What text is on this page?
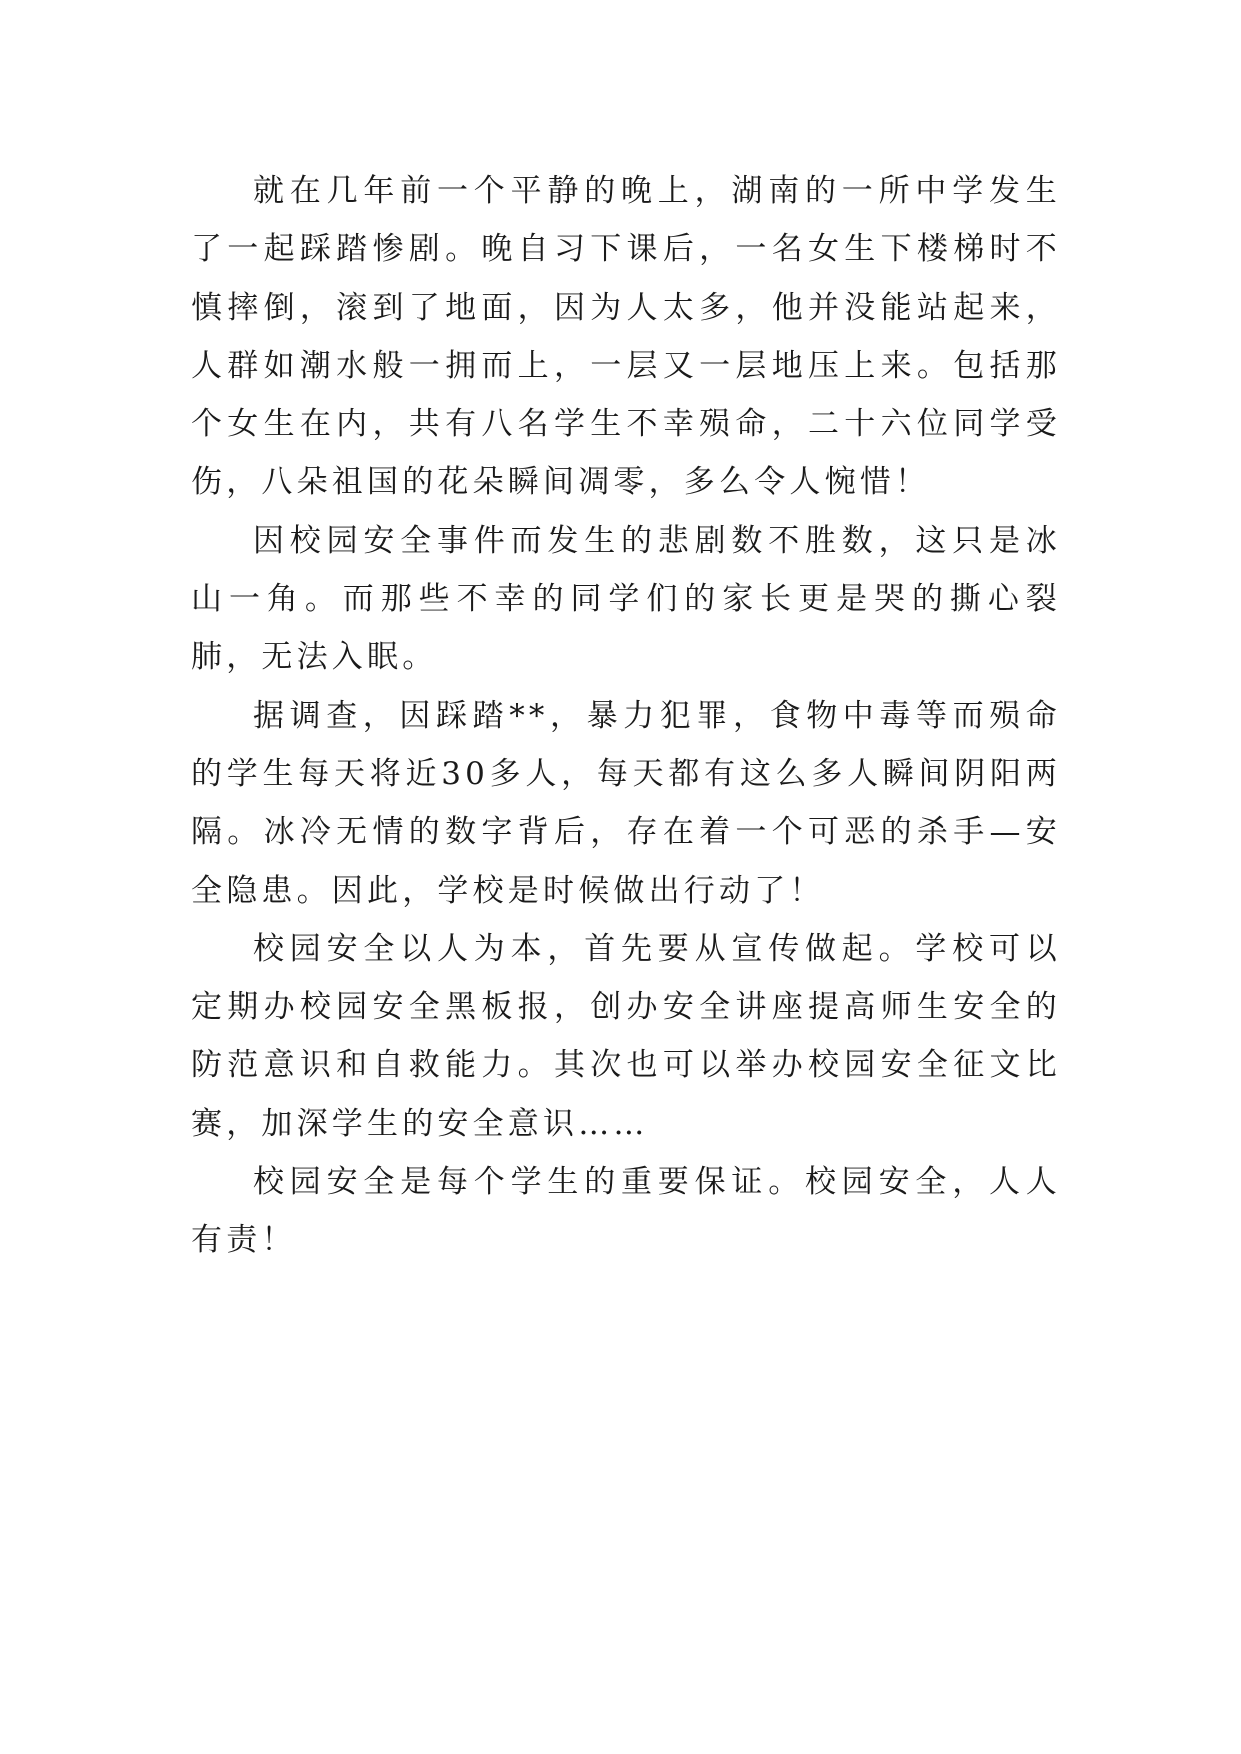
就在几年前一个平静的晚上，湖南的一所中学发生了一起踩踏惨剧。晚自习下课后，一名女生下楼梯时不慎摔倒，滚到了地面，因为人太多，他并没能站起来，人群如潮水般一拥而上，一层又一层地压上来。包括那个女生在内，共有八名学生不幸殒命，二十六位同学受伤，八朵祖国的花朵瞬间凋零，多么令人惋惜！

因校园安全事件而发生的悲剧数不胜数，这只是冰山一角。而那些不幸的同学们的家长更是哭的撕心裂肺，无法入眠。

据调查，因踩踏**，暴力犯罪，食物中毒等而殒命的学生每天将近30多人，每天都有这么多人瞬间阴阳两隔。冰冷无情的数字背后，存在着一个可恶的杀手—安全隐患。因此，学校是时候做出行动了！

校园安全以人为本，首先要从宣传做起。学校可以定期办校园安全黑板报，创办安全讲座提高师生安全的防范意识和自救能力。其次也可以举办校园安全征文比赛，加深学生的安全意识……

校园安全是每个学生的重要保证。校园安全，人人有责！
